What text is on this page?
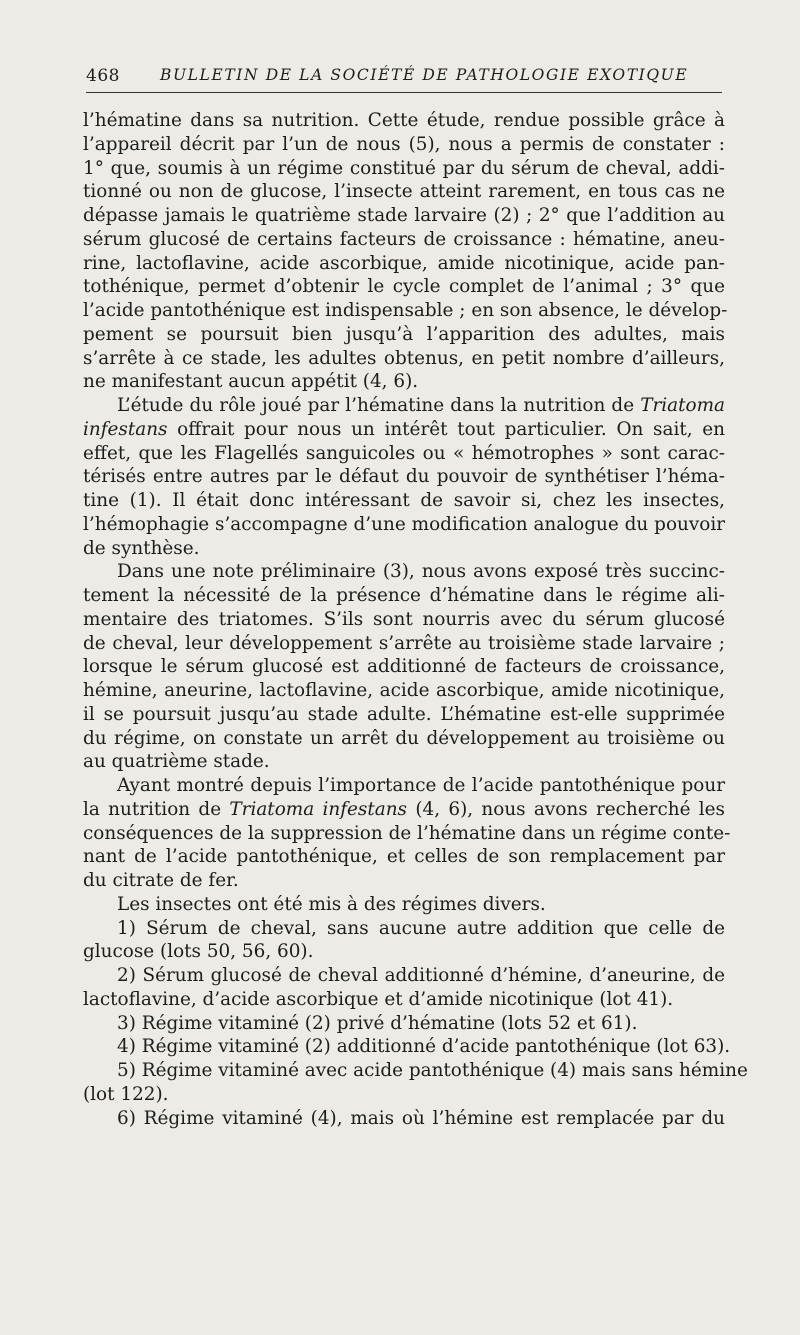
468	BULLETIN DE LA SOCIÉTÉ DE PATHOLOGIE EXOTIQUE
l’hématine dans sa nutrition. Cette étude, rendue possible grâce à
l’appareil décrit par l’un de nous (5), nous a permis de constater :
1° que, soumis à un régime constitué par du sérum de cheval, addi-
tionné ou non de glucose, l’insecte atteint rarement, en tous cas ne
dépasse jamais le quatrième stade larvaire (2) ; 2° que l’addition au
sérum glucosé de certains facteurs de croissance : hématine, aneu-
rine, lactoflavine, acide ascorbique, amide nicotinique, acide pan-
tothénique, permet d’obtenir le cycle complet de l’animal ; 3° que
l’acide pantothénique est indispensable ; en son absence, le dévelop-
pement se poursuit bien jusqu’à l’apparition des adultes, mais
s’arrête à ce stade, les adultes obtenus, en petit nombre d’ailleurs,
ne manifestant aucun appétit (4, 6).
L’étude du rôle joué par l’hématine dans la nutrition de Triatoma
infestans offrait pour nous un intérêt tout particulier. On sait, en
effet, que les Flagellés sanguicoles ou « hémotrophes » sont carac-
térisés entre autres par le défaut du pouvoir de synthétiser l’héma-
tine (1). Il était donc intéressant de savoir si, chez les insectes,
l’hémophagie s’accompagne d’une modification analogue du pouvoir
de synthèse.
Dans une note préliminaire (3), nous avons exposé très succinc-
tement la nécessité de la présence d’hématine dans le régime ali-
mentaire des triatomes. S’ils sont nourris avec du sérum glucosé
de cheval, leur développement s’arrête au troisième stade larvaire ;
lorsque le sérum glucosé est additionné de facteurs de croissance,
hémine, aneurine, lactoflavine, acide ascorbique, amide nicotinique,
il se poursuit jusqu’au stade adulte. L’hématine est-elle supprimée
du régime, on constate un arrêt du développement au troisième ou
au quatrième stade.
Ayant montré depuis l’importance de l’acide pantothénique pour
la nutrition de Triatoma infestans (4, 6), nous avons recherché les
conséquences de la suppression de l’hématine dans un régime conte-
nant de l’acide pantothénique, et celles de son remplacement par
du citrate de fer.
Les insectes ont été mis à des régimes divers.
1) Sérum de cheval, sans aucune autre addition que celle de
glucose (lots 50, 56, 60).
2) Sérum glucosé de cheval additionné d’hémine, d’aneurine, de
lactoflavine, d’acide ascorbique et d’amide nicotinique (lot 41).
3) Régime vitaminé (2) privé d’hématine (lots 52 et 61).
4) Régime vitaminé (2) additionné d’acide pantothénique (lot 63).
5) Régime vitaminé avec acide pantothénique (4) mais sans hémine
(lot 122).
6) Régime vitaminé (4), mais où l’hémine est remplacée par du
